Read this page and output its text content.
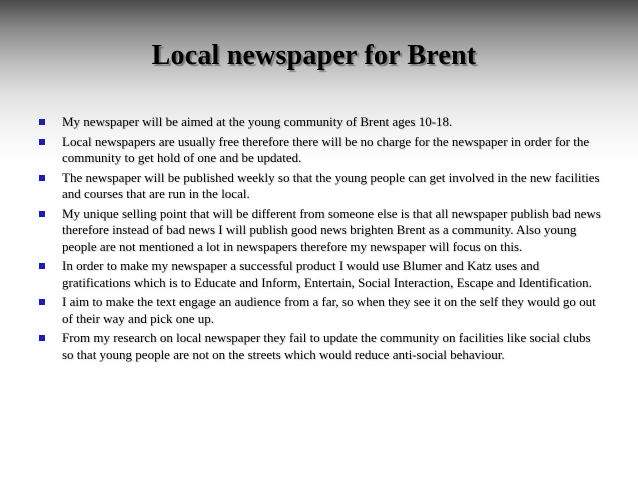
Local newspaper for Brent
My newspaper will be aimed at the young community of Brent ages 10-18.
Local newspapers are usually free therefore there will be no charge for the newspaper in order for the community to get hold of one and be updated.
The newspaper will be published weekly so that the young people can get involved in the new facilities and courses that are run in the local.
My unique selling point that will be different from someone else is that all newspaper publish bad news therefore instead of bad news I will publish good news brighten Brent as a community. Also young people are not mentioned a lot in newspapers therefore my newspaper will focus on this.
In order to make my newspaper a successful product I would use Blumer and Katz uses and gratifications which is to Educate and Inform, Entertain, Social Interaction, Escape and Identification.
I aim to make the text engage an audience from a far, so when they see it on the self they would go out of their way and pick one up.
From my research on local newspaper they fail to update the community on facilities like social clubs so that young people are not on the streets which would reduce anti-social behaviour.
